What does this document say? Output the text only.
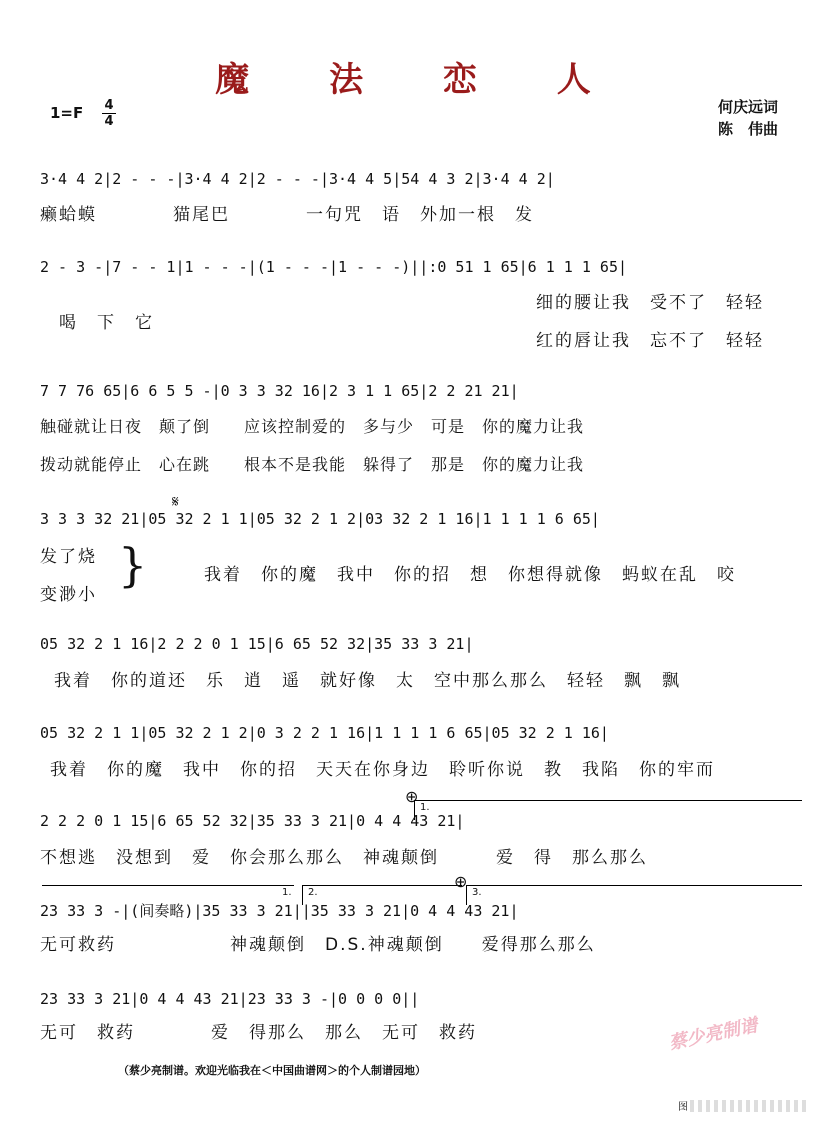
魔 法 恋 人
1=F	4
4
何庆远词
陈　伟曲
3·4 4 2|2 - - -|3·4 4 2|2 - - -|3·4 4 5|54 4 3 2|3·4 4 2|
癞蛤蟆　　　　猫尾巴　　　　一句咒　语　外加一根　发
2 - 3 -|7 - - 1|1 - - -|(1 - - -|1 - - -)||:0 51 1 65|6 1 1 1 65|
　喝　下　它
细的腰让我　受不了　轻轻
红的唇让我　忘不了　轻轻
7 7 76 65|6 6 5 5 -|0 3 3 32 16|2 3 1 1 65|2 2 21 21|
触碰就让日夜　颠了倒　　应该控制爱的　多与少　可是　你的魔力让我
拨动就能停止　心在跳　　根本不是我能　躲得了　那是　你的魔力让我
𝄋
3 3 3 32 21|05 32 2 1 1|05 32 2 1 2|03 32 2 1 16|1 1 1 1 6 65|
发了烧
变渺小
}	我着　你的魔　我中　你的招　想　你想得就像　蚂蚁在乱　咬
05 32 2 1 16|2 2 2 0 1 15|6 65 52 32|35 33 3 21|
我着　你的道还　乐　逍　遥　就好像　太　空中那么那么　轻轻　飘　飘
05 32 2 1 1|05 32 2 1 2|0 3 2 2 1 16|1 1 1 1 6 65|05 32 2 1 16|
我着　你的魔　我中　你的招　天天在你身边　聆听你说　教　我陷　你的牢而
⊕
1.
2 2 2 0 1 15|6 65 52 32|35 33 3 21|0 4 4 43 21|
不想逃　没想到　爱　你会那么那么　神魂颠倒　　　爱　得　那么那么
1. 2.
⊕
3.
23 33 3 -|(间奏略)|35 33 3 21||35 33 3 21|0 4 4 43 21|
无可救药　　　　　　神魂颠倒　D.S.神魂颠倒　　爱得那么那么
23 33 3 21|0 4 4 43 21|23 33 3 -|0 0 0 0||
无可　救药　　　　爱　得那么　那么　无可　救药	蔡少亮制谱
（蔡少亮制谱。欢迎光临我在＜中国曲谱网＞的个人制谱园地）
图
